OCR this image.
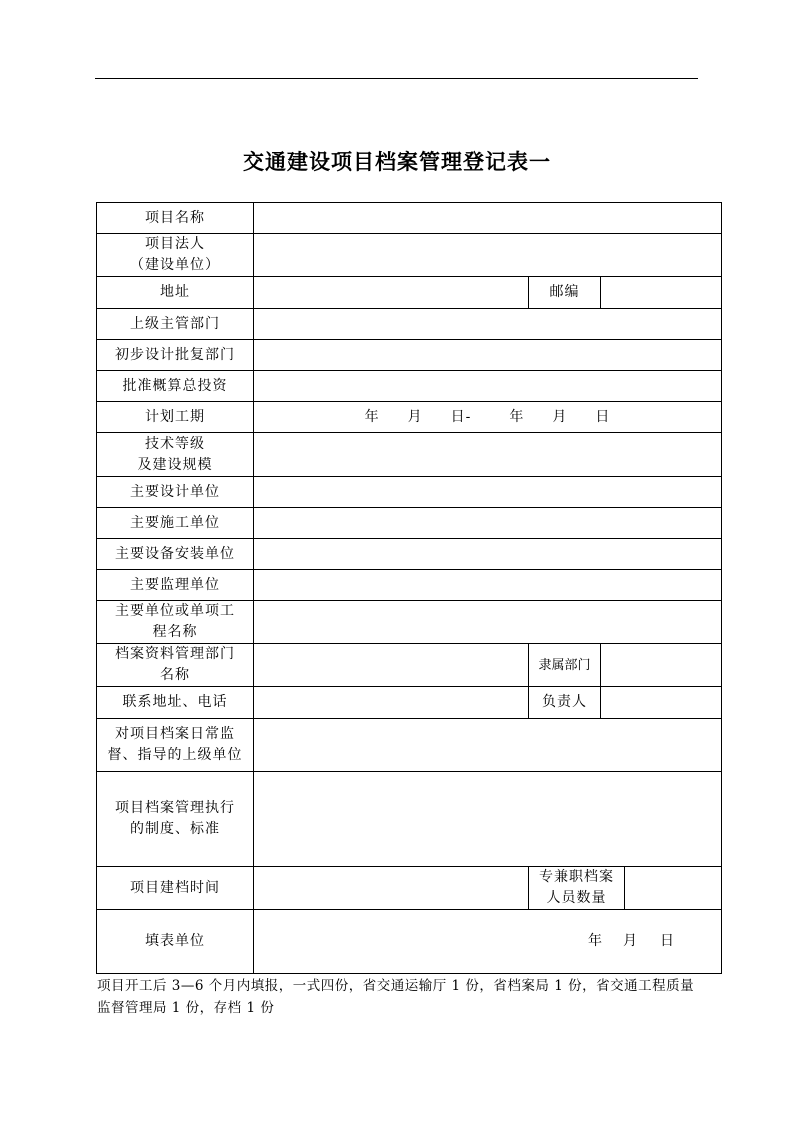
交通建设项目档案管理登记表一
项目名称				

项目法人
（建设单位）				

地址		邮编		
上级主管部门				
初步设计批复部门				
批准概算总投资				
计划工期	年 月 日- 年 月 日			

技术等级
及建设规模				

主要设计单位				
主要施工单位				
主要设备安装单位				
主要监理单位				

主要单位或单项工
程名称				

档案资料管理部门
名称		隶属部门		
联系地址、电话		负责人		

对项目档案日常监
督、指导的上级单位				

项目档案管理执行
的制度、标准				

项目建档时间		专兼职档案
人员数量		

填表单位	年 月 日			
项目开工后 3—6 个月内填报，一式四份，省交通运输厅 1 份，省档案局 1 份，省交通工程质量监督管理局 1 份，存档 1 份
